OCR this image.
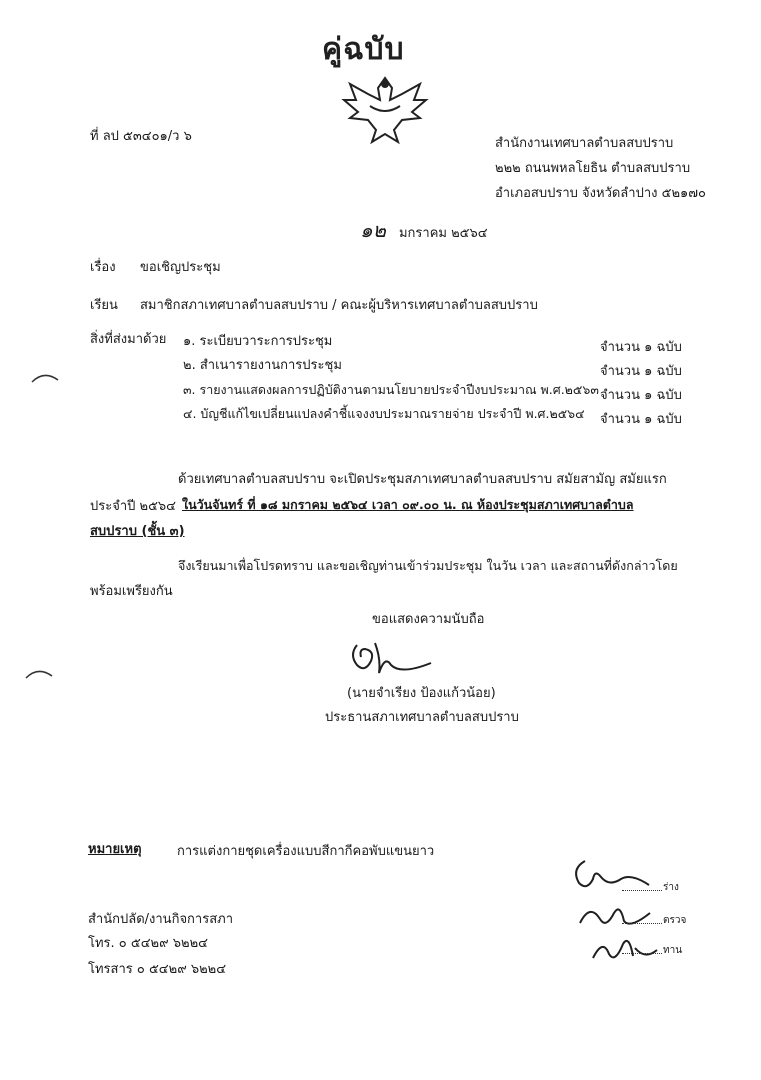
คู่ฉบับ
ที่ ลป ๕๓๔๐๑/ว ๖	สำนักงานเทศบาลตำบลสบปราบ
๒๒๒ ถนนพหลโยธิน ตำบลสบปราบ
อำเภอสบปราบ จังหวัดลำปาง ๕๒๑๗๐
๑๒ มกราคม ๒๕๖๔
เรื่อง ขอเชิญประชุม
เรียน สมาชิกสภาเทศบาลตำบลสบปราบ / คณะผู้บริหารเทศบาลตำบลสบปราบ
สิ่งที่ส่งมาด้วย ๑. ระเบียบวาระการประชุม	จำนวน ๑ ฉบับ
๒. สำเนารายงานการประชุม	จำนวน ๑ ฉบับ
๓. รายงานแสดงผลการปฏิบัติงานตามนโยบายประจำปีงบประมาณ พ.ศ.๒๕๖๓ จำนวน ๑ ฉบับ
๔. บัญชีแก้ไขเปลี่ยนแปลงคำชี้แจงงบประมาณรายจ่าย ประจำปี พ.ศ.๒๕๖๔ จำนวน ๑ ฉบับ
ด้วยเทศบาลตำบลสบปราบ จะเปิดประชุมสภาเทศบาลตำบลสบปราบ สมัยสามัญ สมัยแรก
ประจำปี ๒๕๖๔ ในวันจันทร์ ที่ ๑๘ มกราคม ๒๕๖๔ เวลา ๐๙.๐๐ น. ณ ห้องประชุมสภาเทศบาลตำบล
สบปราบ (ชั้น ๓)
จึงเรียนมาเพื่อโปรดทราบ และขอเชิญท่านเข้าร่วมประชุม ในวัน เวลา และสถานที่ดังกล่าวโดย
พร้อมเพรียงกัน
ขอแสดงความนับถือ
(นายจำเรียง ป้องแก้วน้อย)
ประธานสภาเทศบาลตำบลสบปราบ
หมายเหตุ	การแต่งกายชุดเครื่องแบบสีกากีคอพับแขนยาว
สำนักปลัด/งานกิจการสภา
โทร. ๐ ๕๔๒๙ ๖๒๒๔
โทรสาร ๐ ๕๔๒๙ ๖๒๒๔
ร่าง
ตรวจ
ทาน
